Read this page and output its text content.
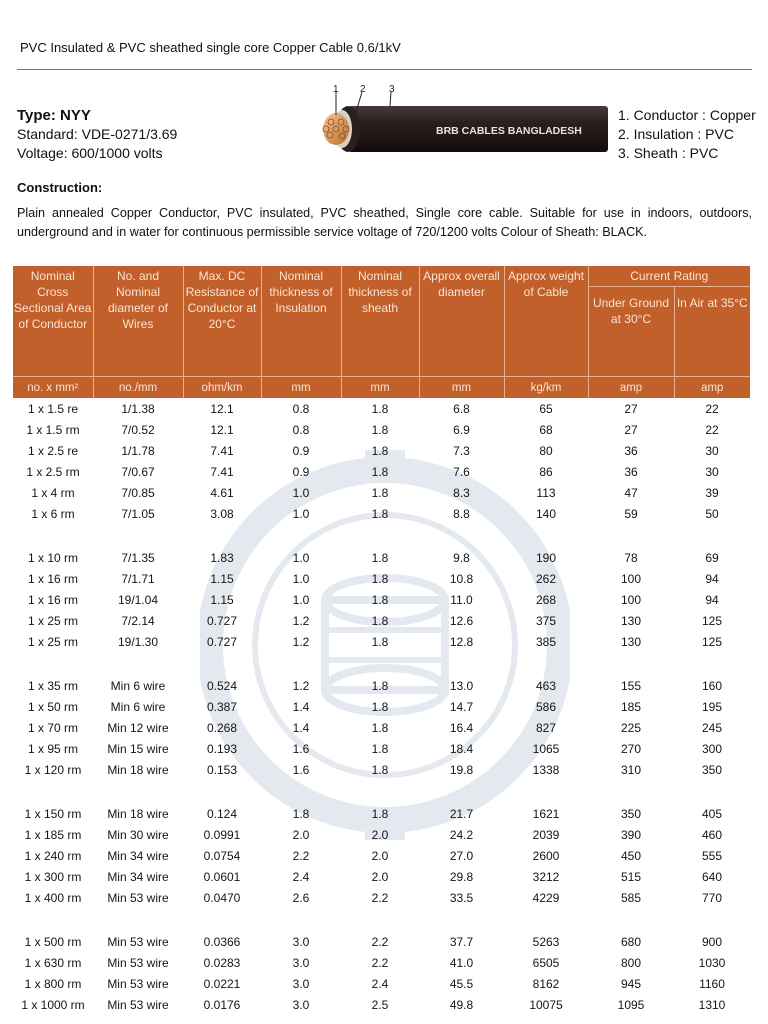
PVC Insulated & PVC sheathed single core Copper Cable 0.6/1kV
Type: NYY
Standard: VDE-0271/3.69
Voltage: 600/1000 volts
1 2 3
BRB CABLES BANGLADESH
1. Conductor : Copper
2. Insulation : PVC
3. Sheath : PVC
Construction:
Plain annealed Copper Conductor, PVC insulated, PVC sheathed, Single core cable. Suitable for use in indoors, outdoors, underground and in water for continuous permissible service voltage of 720/1200 volts Colour of Sheath: BLACK.
Nominal Cross Sectional Area of Conductor	No. and Nominal diameter of Wires	Max. DC Resistance of Conductor at 20°C	Nominal thickness of Insulation	Nominal thickness of sheath	Approx overall diameter	Approx weight of Cable	Current Rating	
							Under Ground at 30°C	In Air at 35°C
no. x mm²	no./mm	ohm/km	mm	mm	mm	kg/km	amp	amp
1 x 1.5 re	1/1.38	12.1	0.8	1.8	6.8	65	27	22
1 x 1.5 rm	7/0.52	12.1	0.8	1.8	6.9	68	27	22
1 x 2.5 re	1/1.78	7.41	0.9	1.8	7.3	80	36	30
1 x 2.5 rm	7/0.67	7.41	0.9	1.8	7.6	86	36	30
1 x 4 rm	7/0.85	4.61	1.0	1.8	8.3	113	47	39
1 x 6 rm	7/1.05	3.08	1.0	1.8	8.8	140	59	50

1 x 10 rm	7/1.35	1.83	1.0	1.8	9.8	190	78	69
1 x 16 rm	7/1.71	1.15	1.0	1.8	10.8	262	100	94
1 x 16 rm	19/1.04	1.15	1.0	1.8	11.0	268	100	94
1 x 25 rm	7/2.14	0.727	1.2	1.8	12.6	375	130	125
1 x 25 rm	19/1.30	0.727	1.2	1.8	12.8	385	130	125

1 x 35 rm	Min 6 wire	0.524	1.2	1.8	13.0	463	155	160
1 x 50 rm	Min 6 wire	0.387	1.4	1.8	14.7	586	185	195
1 x 70 rm	Min 12 wire	0.268	1.4	1.8	16.4	827	225	245
1 x 95 rm	Min 15 wire	0.193	1.6	1.8	18.4	1065	270	300
1 x 120 rm	Min 18 wire	0.153	1.6	1.8	19.8	1338	310	350

1 x 150 rm	Min 18 wire	0.124	1.8	1.8	21.7	1621	350	405
1 x 185 rm	Min 30 wire	0.0991	2.0	2.0	24.2	2039	390	460
1 x 240 rm	Min 34 wire	0.0754	2.2	2.0	27.0	2600	450	555
1 x 300 rm	Min 34 wire	0.0601	2.4	2.0	29.8	3212	515	640
1 x 400 rm	Min 53 wire	0.0470	2.6	2.2	33.5	4229	585	770

1 x 500 rm	Min 53 wire	0.0366	3.0	2.2	37.7	5263	680	900
1 x 630 rm	Min 53 wire	0.0283	3.0	2.2	41.0	6505	800	1030
1 x 800 rm	Min 53 wire	0.0221	3.0	2.4	45.5	8162	945	1160
1 x 1000 rm	Min 53 wire	0.0176	3.0	2.5	49.8	10075	1095	1310
